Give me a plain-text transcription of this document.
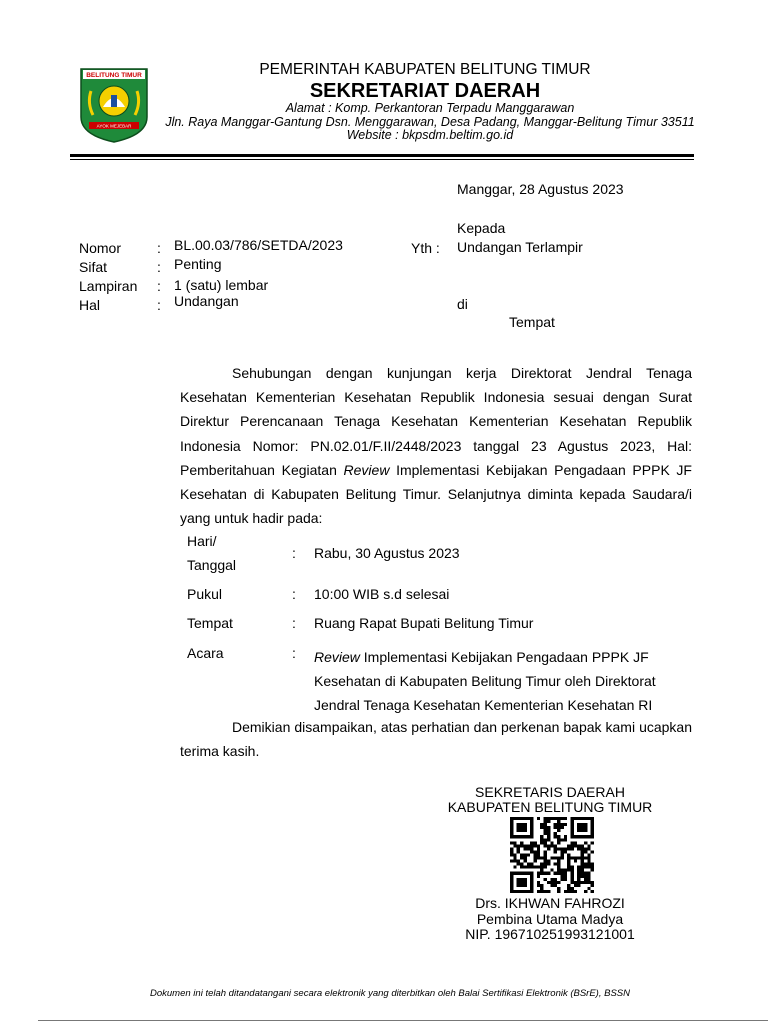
BELITUNG TIMUR
AYOK MEJEBAR
PEMERINTAH KABUPATEN BELITUNG TIMUR
SEKRETARIAT DAERAH
Alamat : Komp. Perkantoran Terpadu Manggarawan
Jln. Raya Manggar-Gantung Dsn. Menggarawan, Desa Padang, Manggar-Belitung Timur 33511
Website : bkpsdm.beltim.go.id
Manggar, 28 Agustus 2023
Kepada
Yth : Undangan Terlampir
di
Tempat
Nomor	: BL.00.03/786/SETDA/2023
Sifat	: Penting
Lampiran : 1 (satu) lembar
Hal	: Undangan
Sehubungan dengan kunjungan kerja Direktorat Jendral Tenaga Kesehatan Kementerian Kesehatan Republik Indonesia sesuai dengan Surat Direktur Perencanaan Tenaga Kesehatan Kementerian Kesehatan Republik Indonesia Nomor: PN.02.01/F.II/2448/2023 tanggal 23 Agustus 2023, Hal: Pemberitahuan Kegiatan Review Implementasi Kebijakan Pengadaan PPPK JF Kesehatan di Kabupaten Belitung Timur. Selanjutnya diminta kepada Saudara/i yang untuk hadir pada:
Hari/
Tanggal
: Rabu, 30 Agustus 2023
Pukul	: 10:00 WIB s.d selesai
Tempat	: Ruang Rapat Bupati Belitung Timur
Acara	: Review Implementasi Kebijakan Pengadaan PPPK JF
Kesehatan di Kabupaten Belitung Timur oleh Direktorat
Jendral Tenaga Kesehatan Kementerian Kesehatan RI
Demikian disampaikan, atas perhatian dan perkenan bapak kami ucapkan terima kasih.
SEKRETARIS DAERAH
KABUPATEN BELITUNG TIMUR
Drs. IKHWAN FAHROZI
Pembina Utama Madya
NIP. 196710251993121001
Dokumen ini telah ditandatangani secara elektronik yang diterbitkan oleh Balai Sertifikasi Elektronik (BSrE), BSSN
